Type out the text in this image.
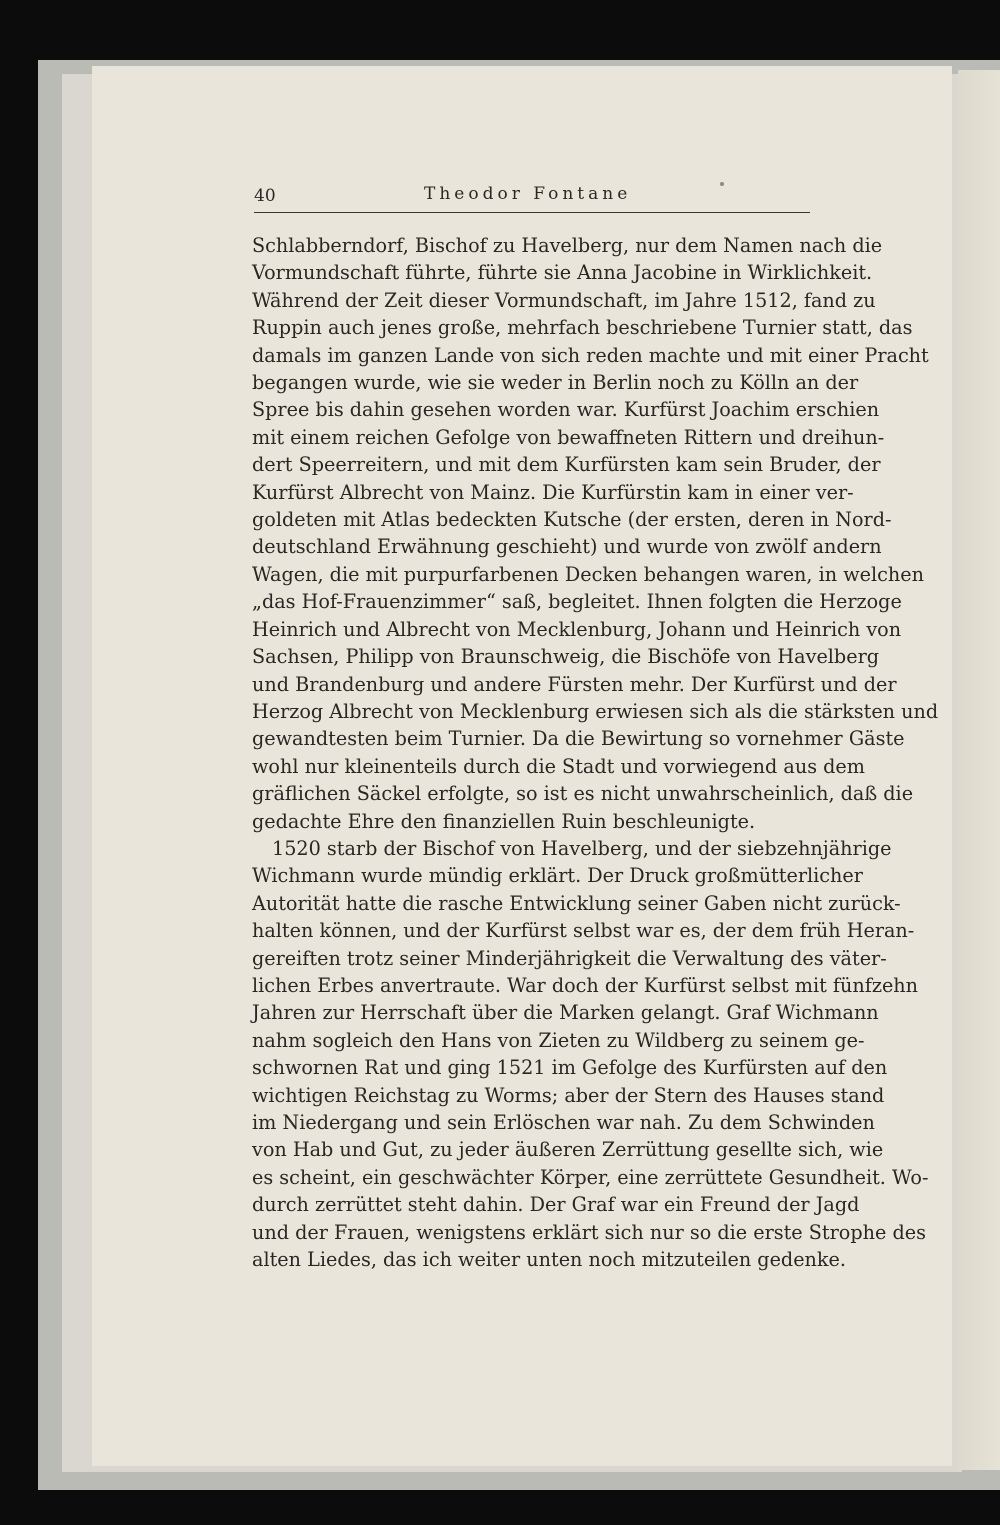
40	Theodor Fontane
Schlabberndorf, Bischof zu Havelberg, nur dem Namen nach die
Vormundschaft führte, führte sie Anna Jacobine in Wirklichkeit.
Während der Zeit dieser Vormundschaft, im Jahre 1512, fand zu
Ruppin auch jenes große, mehrfach beschriebene Turnier statt, das
damals im ganzen Lande von sich reden machte und mit einer Pracht
begangen wurde, wie sie weder in Berlin noch zu Kölln an der
Spree bis dahin gesehen worden war. Kurfürst Joachim erschien
mit einem reichen Gefolge von bewaffneten Rittern und dreihun-
dert Speerreitern, und mit dem Kurfürsten kam sein Bruder, der
Kurfürst Albrecht von Mainz. Die Kurfürstin kam in einer ver-
goldeten mit Atlas bedeckten Kutsche (der ersten, deren in Nord-
deutschland Erwähnung geschieht) und wurde von zwölf andern
Wagen, die mit purpurfarbenen Decken behangen waren, in welchen
„das Hof-Frauenzimmer“ saß, begleitet. Ihnen folgten die Herzoge
Heinrich und Albrecht von Mecklenburg, Johann und Heinrich von
Sachsen, Philipp von Braunschweig, die Bischöfe von Havelberg
und Brandenburg und andere Fürsten mehr. Der Kurfürst und der
Herzog Albrecht von Mecklenburg erwiesen sich als die stärksten und
gewandtesten beim Turnier. Da die Bewirtung so vornehmer Gäste
wohl nur kleinenteils durch die Stadt und vorwiegend aus dem
gräflichen Säckel erfolgte, so ist es nicht unwahrscheinlich, daß die
gedachte Ehre den finanziellen Ruin beschleunigte.
1520 starb der Bischof von Havelberg, und der siebzehnjährige
Wichmann wurde mündig erklärt. Der Druck großmütterlicher
Autorität hatte die rasche Entwicklung seiner Gaben nicht zurück-
halten können, und der Kurfürst selbst war es, der dem früh Heran-
gereiften trotz seiner Minderjährigkeit die Verwaltung des väter-
lichen Erbes anvertraute. War doch der Kurfürst selbst mit fünfzehn
Jahren zur Herrschaft über die Marken gelangt. Graf Wichmann
nahm sogleich den Hans von Zieten zu Wildberg zu seinem ge-
schwornen Rat und ging 1521 im Gefolge des Kurfürsten auf den
wichtigen Reichstag zu Worms; aber der Stern des Hauses stand
im Niedergang und sein Erlöschen war nah. Zu dem Schwinden
von Hab und Gut, zu jeder äußeren Zerrüttung gesellte sich, wie
es scheint, ein geschwächter Körper, eine zerrüttete Gesundheit. Wo-
durch zerrüttet steht dahin. Der Graf war ein Freund der Jagd
und der Frauen, wenigstens erklärt sich nur so die erste Strophe des
alten Liedes, das ich weiter unten noch mitzuteilen gedenke.
